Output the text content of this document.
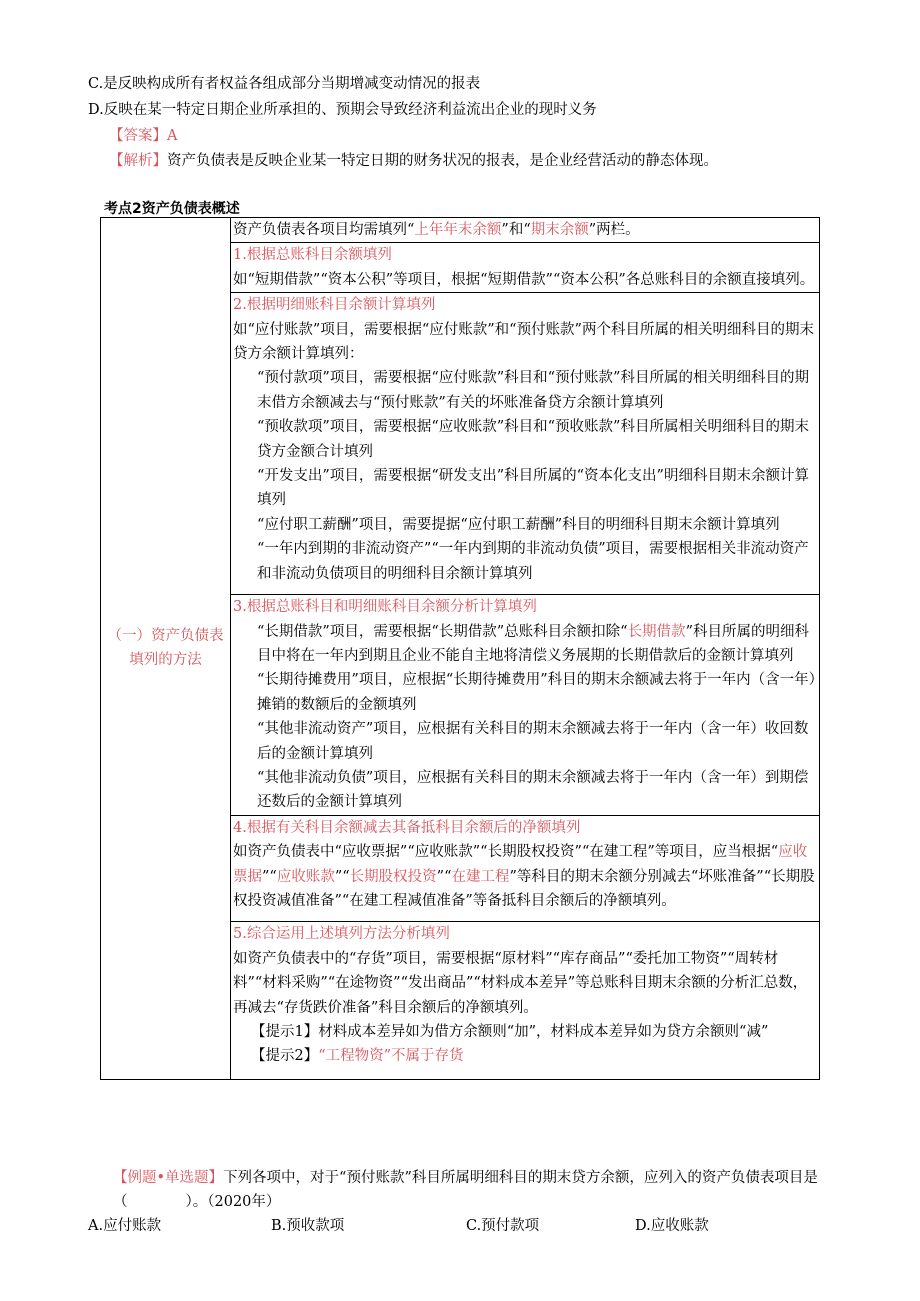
C.是反映构成所有者权益各组成部分当期增减变动情况的报表
D.反映在某一特定日期企业所承担的、预期会导致经济利益流出企业的现时义务
【答案】A
【解析】资产负债表是反映企业某一特定日期的财务状况的报表，是企业经营活动的静态体现。
考点2资产负债表概述
（一）资产负债表填列的方法	资产负债表各项目均需填列“上年年末余额”和“期末余额”两栏。

1.根据总账科目余额填列
如“短期借款”“资本公积”等项目，根据“短期借款”“资本公积”各总账科目的余额直接填列。

2.根据明细账科目余额计算填列
如“应付账款”项目，需要根据“应付账款”和“预付账款”两个科目所属的相关明细科目的期末贷方余额计算填列：
“预付款项”项目，需要根据“应付账款”科目和“预付账款”科目所属的相关明细科目的期末借方余额减去与“预付账款”有关的坏账准备贷方余额计算填列
“预收款项”项目，需要根据“应收账款”科目和“预收账款”科目所属相关明细科目的期末贷方金额合计填列
“开发支出”项目，需要根据“研发支出”科目所属的“资本化支出”明细科目期末余额计算填列
“应付职工薪酬”项目，需要提据“应付职工薪酬”科目的明细科目期末余额计算填列
“一年内到期的非流动资产”“一年内到期的非流动负债”项目，需要根据相关非流动资产和非流动负债项目的明细科目余额计算填列

3.根据总账科目和明细账科目余额分析计算填列
“长期借款”项目，需要根据“长期借款”总账科目余额扣除“长期借款”科目所属的明细科目中将在一年内到期且企业不能自主地将清偿义务展期的长期借款后的金额计算填列
“长期待摊费用”项目，应根据“长期待摊费用”科目的期末余额减去将于一年内（含一年）摊销的数额后的金额填列
“其他非流动资产”项目，应根据有关科目的期末余额减去将于一年内（含一年）收回数后的金额计算填列
“其他非流动负债”项目，应根据有关科目的期末余额减去将于一年内（含一年）到期偿还数后的金额计算填列

4.根据有关科目余额减去其备抵科目余额后的净额填列
如资产负债表中“应收票据”“应收账款”“长期股权投资”“在建工程”等项目，应当根据“应收票据”“应收账款”“长期股权投资”“在建工程”等科目的期末余额分别减去“坏账准备”“长期股权投资减值准备”“在建工程减值准备”等备抵科目余额后的净额填列。

5.综合运用上述填列方法分析填列
如资产负债表中的“存货”项目，需要根据“原材料”“库存商品”“委托加工物资”“周转材料”“材料采购”“在途物资”“发出商品”“材料成本差异”等总账科目期末余额的分析汇总数，再减去“存货跌价准备”科目余额后的净额填列。
【提示1】材料成本差异如为借方余额则“加”，材料成本差异如为贷方余额则“减”
【提示2】“工程物资”不属于存货
【例题•单选题】下列各项中，对于“预付账款”科目所属明细科目的期末贷方余额，应列入的资产负债表项目是（　　　　）。（2020年）
A.应付账款	B.预收款项	C.预付款项	D.应收账款
